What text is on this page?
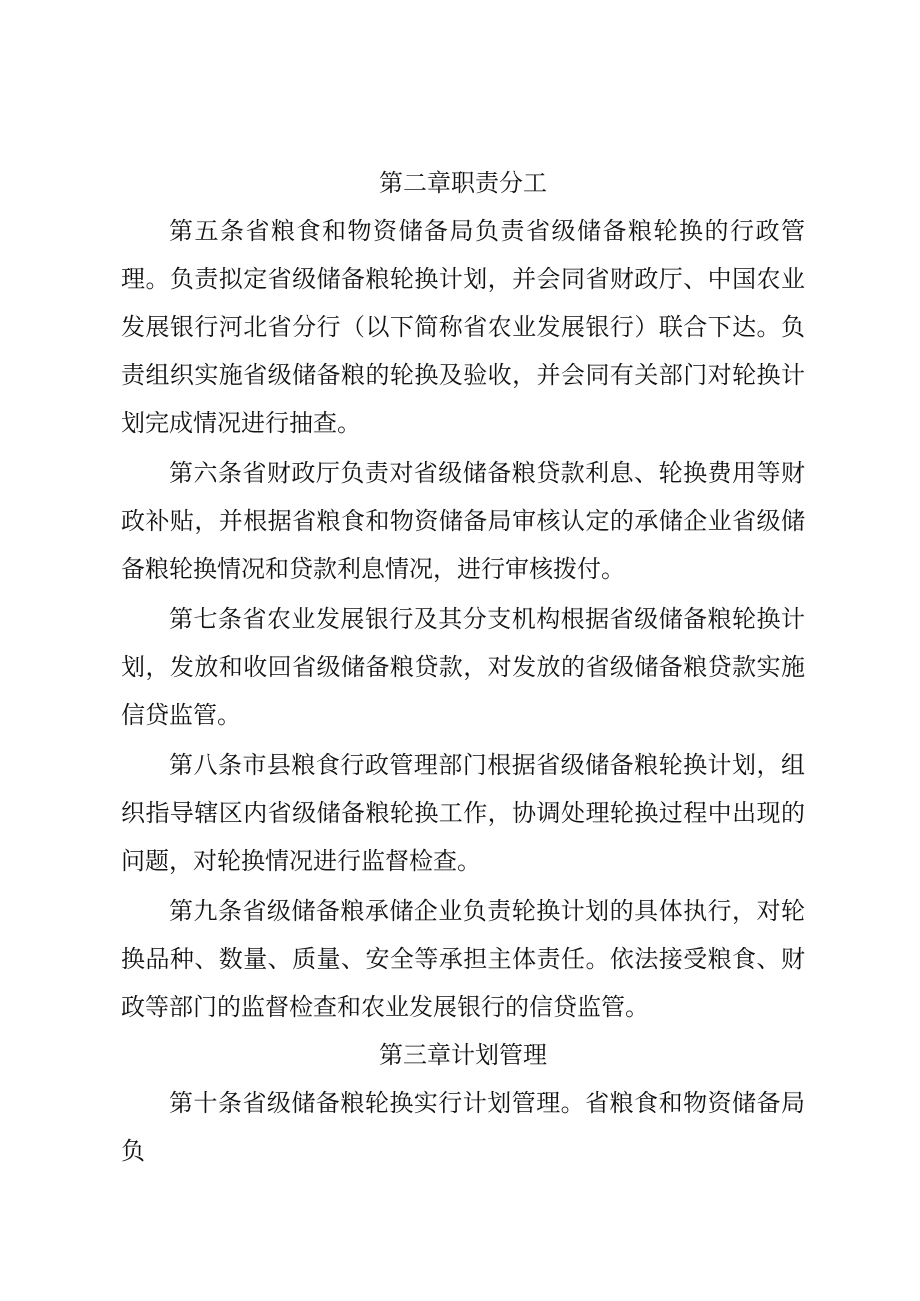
第二章职责分工

第五条省粮食和物资储备局负责省级储备粮轮换的行政管理。负责拟定省级储备粮轮换计划，并会同省财政厅、中国农业发展银行河北省分行（以下简称省农业发展银行）联合下达。负责组织实施省级储备粮的轮换及验收，并会同有关部门对轮换计划完成情况进行抽查。

第六条省财政厅负责对省级储备粮贷款利息、轮换费用等财政补贴，并根据省粮食和物资储备局审核认定的承储企业省级储备粮轮换情况和贷款利息情况，进行审核拨付。

第七条省农业发展银行及其分支机构根据省级储备粮轮换计划，发放和收回省级储备粮贷款，对发放的省级储备粮贷款实施信贷监管。

第八条市县粮食行政管理部门根据省级储备粮轮换计划，组织指导辖区内省级储备粮轮换工作，协调处理轮换过程中出现的问题，对轮换情况进行监督检查。

第九条省级储备粮承储企业负责轮换计划的具体执行，对轮换品种、数量、质量、安全等承担主体责任。依法接受粮食、财政等部门的监督检查和农业发展银行的信贷监管。

第三章计划管理

第十条省级储备粮轮换实行计划管理。省粮食和物资储备局负
